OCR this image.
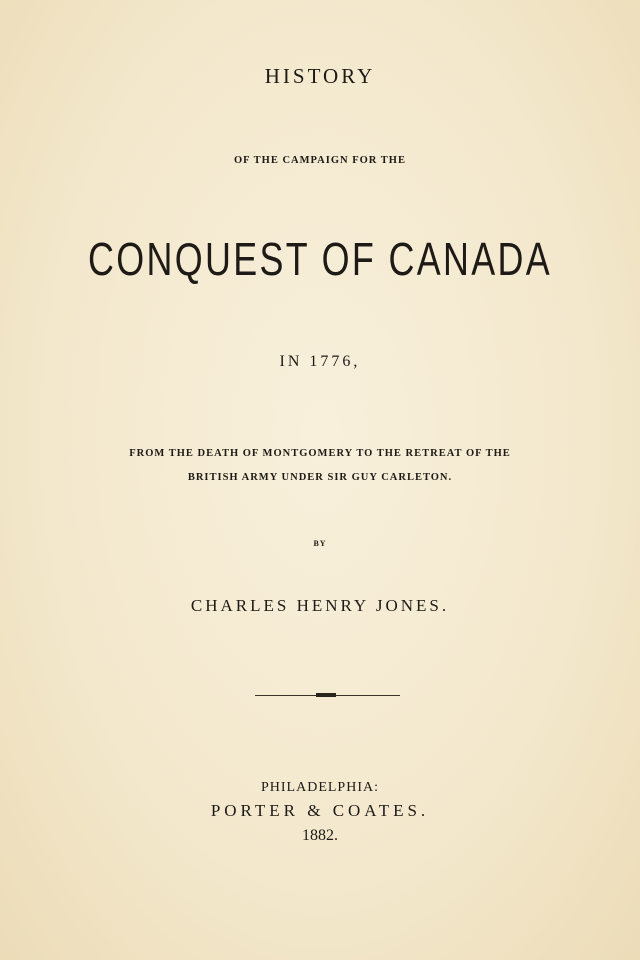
HISTORY
OF THE CAMPAIGN FOR THE
CONQUEST OF CANADA
IN 1776,
FROM THE DEATH OF MONTGOMERY TO THE RETREAT OF THE
BRITISH ARMY UNDER SIR GUY CARLETON.
BY
CHARLES HENRY JONES.
PHILADELPHIA:
PORTER & COATES.
1882.
